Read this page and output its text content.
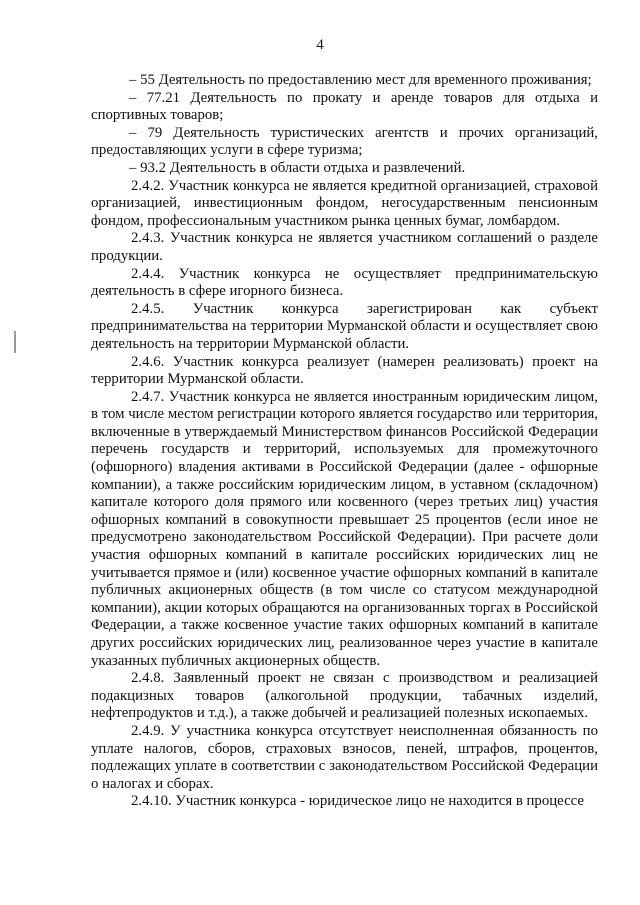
4

– 55 Деятельность по предоставлению мест для временного проживания;

– 77.21 Деятельность по прокату и аренде товаров для отдыха и спортивных товаров;

– 79 Деятельность туристических агентств и прочих организаций, предоставляющих услуги в сфере туризма;

– 93.2 Деятельность в области отдыха и развлечений.

2.4.2. Участник конкурса не является кредитной организацией, страховой организацией, инвестиционным фондом, негосударственным пенсионным фондом, профессиональным участником рынка ценных бумаг, ломбардом.

2.4.3. Участник конкурса не является участником соглашений о разделе продукции.

2.4.4. Участник конкурса не осуществляет предпринимательскую деятельность в сфере игорного бизнеса.

2.4.5. Участник конкурса зарегистрирован как субъект предпринимательства на территории Мурманской области и осуществляет свою деятельность на территории Мурманской области.

2.4.6. Участник конкурса реализует (намерен реализовать) проект на территории Мурманской области.

2.4.7. Участник конкурса не является иностранным юридическим лицом, в том числе местом регистрации которого является государство или территория, включенные в утверждаемый Министерством финансов Российской Федерации перечень государств и территорий, используемых для промежуточного (офшорного) владения активами в Российской Федерации (далее - офшорные компании), а также российским юридическим лицом, в уставном (складочном) капитале которого доля прямого или косвенного (через третьих лиц) участия офшорных компаний в совокупности превышает 25 процентов (если иное не предусмотрено законодательством Российской Федерации). При расчете доли участия офшорных компаний в капитале российских юридических лиц не учитывается прямое и (или) косвенное участие офшорных компаний в капитале публичных акционерных обществ (в том числе со статусом международной компании), акции которых обращаются на организованных торгах в Российской Федерации, а также косвенное участие таких офшорных компаний в капитале других российских юридических лиц, реализованное через участие в капитале указанных публичных акционерных обществ.

2.4.8. Заявленный проект не связан с производством и реализацией подакцизных товаров (алкогольной продукции, табачных изделий, нефтепродуктов и т.д.), а также добычей и реализацией полезных ископаемых.

2.4.9. У участника конкурса отсутствует неисполненная обязанность по уплате налогов, сборов, страховых взносов, пеней, штрафов, процентов, подлежащих уплате в соответствии с законодательством Российской Федерации о налогах и сборах.

2.4.10. Участник конкурса - юридическое лицо не находится в процессе
